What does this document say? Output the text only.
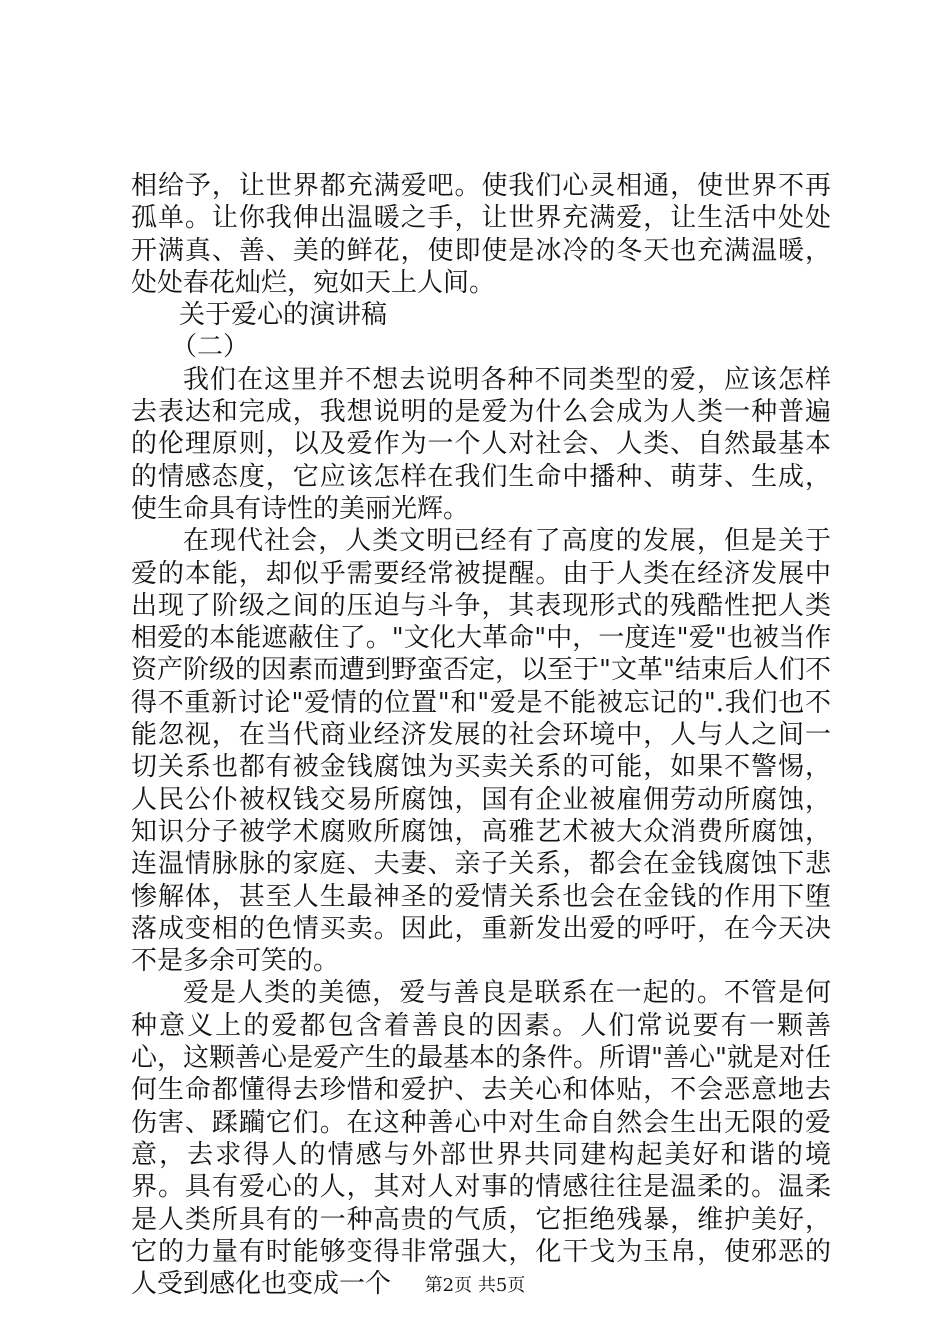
相给予，让世界都充满爱吧。使我们心灵相通，使世界不再孤单。让你我伸出温暖之手，让世界充满爱，让生活中处处开满真、善、美的鲜花，使即使是冰冷的冬天也充满温暖，处处春花灿烂，宛如天上人间。

关于爱心的演讲稿

（二）

我们在这里并不想去说明各种不同类型的爱，应该怎样去表达和完成，我想说明的是爱为什么会成为人类一种普遍的伦理原则，以及爱作为一个人对社会、人类、自然最基本的情感态度，它应该怎样在我们生命中播种、萌芽、生成，使生命具有诗性的美丽光辉。

在现代社会，人类文明已经有了高度的发展，但是关于爱的本能，却似乎需要经常被提醒。由于人类在经济发展中出现了阶级之间的压迫与斗争，其表现形式的残酷性把人类相爱的本能遮蔽住了。"文化大革命"中，一度连"爱"也被当作资产阶级的因素而遭到野蛮否定，以至于"文革"结束后人们不得不重新讨论"爱情的位置"和"爱是不能被忘记的".我们也不能忽视，在当代商业经济发展的社会环境中，人与人之间一切关系也都有被金钱腐蚀为买卖关系的可能，如果不警惕，人民公仆被权钱交易所腐蚀，国有企业被雇佣劳动所腐蚀，知识分子被学术腐败所腐蚀，高雅艺术被大众消费所腐蚀，连温情脉脉的家庭、夫妻、亲子关系，都会在金钱腐蚀下悲惨解体，甚至人生最神圣的爱情关系也会在金钱的作用下堕落成变相的色情买卖。因此，重新发出爱的呼吁，在今天决不是多余可笑的。

爱是人类的美德，爱与善良是联系在一起的。不管是何种意义上的爱都包含着善良的因素。人们常说要有一颗善心，这颗善心是爱产生的最基本的条件。所谓"善心"就是对任何生命都懂得去珍惜和爱护、去关心和体贴，不会恶意地去伤害、蹂躏它们。在这种善心中对生命自然会生出无限的爱意，去求得人的情感与外部世界共同建构起美好和谐的境界。具有爱心的人，其对人对事的情感往往是温柔的。温柔是人类所具有的一种高贵的气质，它拒绝残暴，维护美好，它的力量有时能够变得非常强大，化干戈为玉帛，使邪恶的人受到感化也变成一个	第2页 共5页
